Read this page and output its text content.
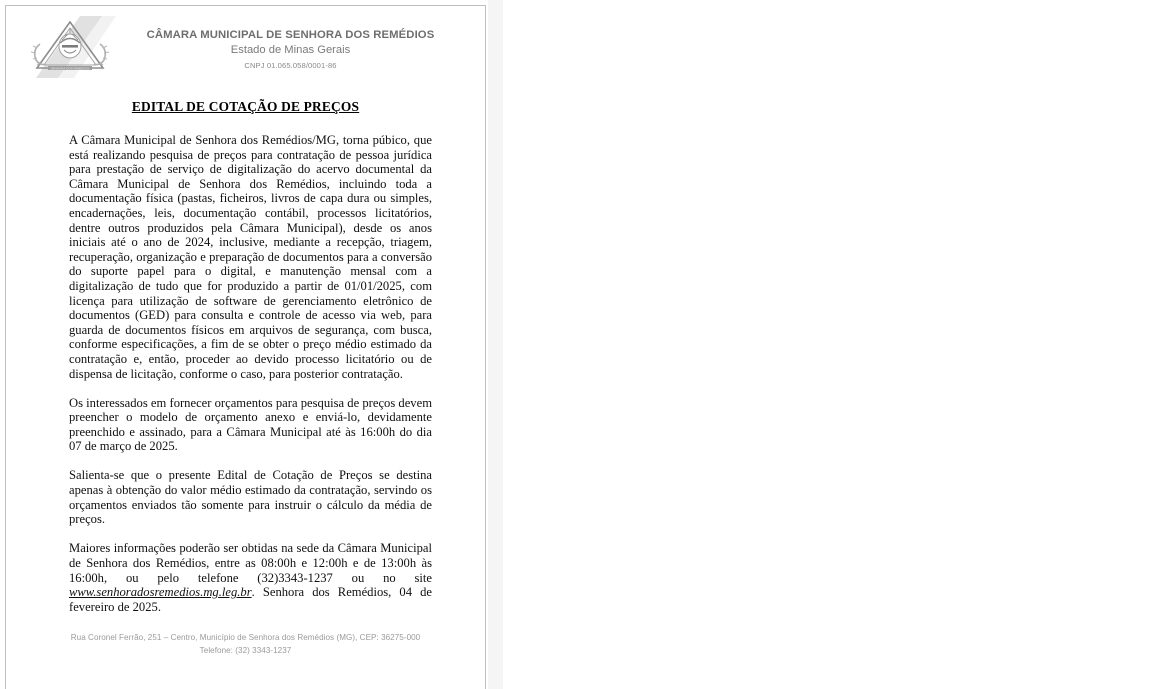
SENHORA DOS REMEDIOS
CÂMARA MUNICIPAL DE SENHORA DOS REMÉDIOS
Estado de Minas Gerais
CNPJ 01.065.058/0001-86
EDITAL DE COTAÇÃO DE PREÇOS

A Câmara Municipal de Senhora dos Remédios/MG, torna púbico, que está realizando pesquisa de preços para contratação de pessoa jurídica para prestação de serviço de digitalização do acervo documental da Câmara Municipal de Senhora dos Remédios, incluindo toda a documentação física (pastas, ficheiros, livros de capa dura ou simples, encadernações, leis, documentação contábil, processos licitatórios, dentre outros produzidos pela Câmara Municipal), desde os anos iniciais até o ano de 2024, inclusive, mediante a recepção, triagem, recuperação, organização e preparação de documentos para a conversão do suporte papel para o digital, e manutenção mensal com a digitalização de tudo que for produzido a partir de 01/01/2025, com licença para utilização de software de gerenciamento eletrônico de documentos (GED) para consulta e controle de acesso via web, para guarda de documentos físicos em arquivos de segurança, com busca, conforme especificações, a fim de se obter o preço médio estimado da contratação e, então, proceder ao devido processo licitatório ou de dispensa de licitação, conforme o caso, para posterior contratação.

Os interessados em fornecer orçamentos para pesquisa de preços devem preencher o modelo de orçamento anexo e enviá-lo, devidamente preenchido e assinado, para a Câmara Municipal até às 16:00h do dia 07 de março de 2025.

Salienta-se que o presente Edital de Cotação de Preços se destina apenas à obtenção do valor médio estimado da contratação, servindo os orçamentos enviados tão somente para instruir o cálculo da média de preços.

Maiores informações poderão ser obtidas na sede da Câmara Municipal de Senhora dos Remédios, entre as 08:00h e 12:00h e de 13:00h às 16:00h, ou pelo telefone (32)3343-1237 ou no site www.senhoradosremedios.mg.leg.br. Senhora dos Remédios, 04 de fevereiro de 2025.

Rua Coronel Ferrão, 251 – Centro, Município de Senhora dos Remédios (MG), CEP: 36275-000
Telefone: (32) 3343-1237
